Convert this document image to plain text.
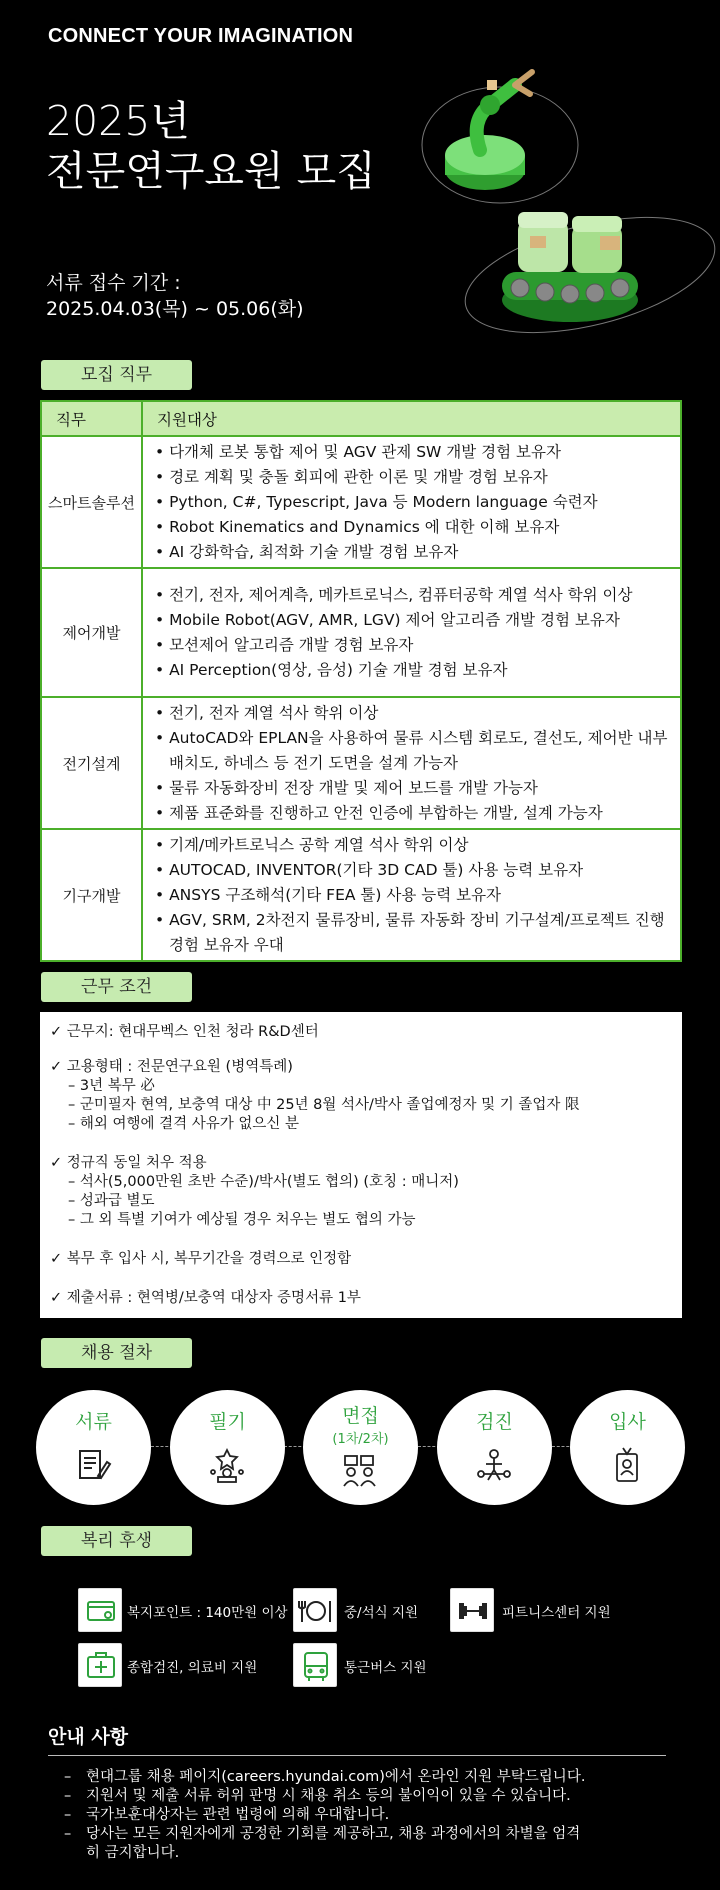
CONNECT YOUR IMAGINATION
2025년
전문연구요원 모집
서류 접수 기간 :
2025.04.03(목) ~ 05.06(화)
모집 직무
직무	지원대상
스마트솔루션	• 다개체 로봇 통합 제어 및 AGV 관제 SW 개발 경험 보유자
• 경로 계획 및 충돌 회피에 관한 이론 및 개발 경험 보유자
• Python, C#, Typescript, Java 등 Modern language 숙련자
• Robot Kinematics and Dynamics 에 대한 이해 보유자
• AI 강화학습, 최적화 기술 개발 경험 보유자

제어개발	• 전기, 전자, 제어계측, 메카트로닉스, 컴퓨터공학 계열 석사 학위 이상
• Mobile Robot(AGV, AMR, LGV) 제어 알고리즘 개발 경험 보유자
• 모션제어 알고리즘 개발 경험 보유자
• AI Perception(영상, 음성) 기술 개발 경험 보유자

전기설계	• 전기, 전자 계열 석사 학위 이상
• AutoCAD와 EPLAN을 사용하여 물류 시스템 회로도, 결선도, 제어반 내부 배치도, 하네스 등 전기 도면을 설계 가능자
• 물류 자동화장비 전장 개발 및 제어 보드를 개발 가능자
• 제품 표준화를 진행하고 안전 인증에 부합하는 개발, 설계 가능자

기구개발	• 기계/메카트로닉스 공학 계열 석사 학위 이상
• AUTOCAD, INVENTOR(기타 3D CAD 툴) 사용 능력 보유자
• ANSYS 구조해석(기타 FEA 툴) 사용 능력 보유자
• AGV, SRM, 2차전지 물류장비, 물류 자동화 장비 기구설계/프로젝트 진행 경험 보유자 우대
근무 조건
✓ 근무지: 현대무벡스 인천 청라 R&D센터
✓ 고용형태 : 전문연구요원 (병역특례)
– 3년 복무 必
– 군미필자 현역, 보충역 대상 中 25년 8월 석사/박사 졸업예정자 및 기 졸업자 限
– 해외 여행에 결격 사유가 없으신 분
✓ 정규직 동일 처우 적용
– 석사(5,000만원 초반 수준)/박사(별도 협의) (호칭 : 매니저)
– 성과급 별도
– 그 외 특별 기여가 예상될 경우 처우는 별도 협의 가능
✓ 복무 후 입사 시, 복무기간을 경력으로 인정함
✓ 제출서류 : 현역병/보충역 대상자 증명서류 1부
채용 절차
서류	필기	면접
(1차/2차)
검진	입사
복리 후생
복지포인트 : 140만원 이상	중/석식 지원	피트니스센터 지원
종합검진, 의료비 지원	통근버스 지원
안내 사항
– 현대그룹 채용 페이지(careers.hyundai.com)에서 온라인 지원 부탁드립니다.
– 지원서 및 제출 서류 허위 판명 시 채용 취소 등의 불이익이 있을 수 있습니다.
– 국가보훈대상자는 관련 법령에 의해 우대합니다.
– 당사는 모든 지원자에게 공정한 기회를 제공하고, 채용 과정에서의 차별을 엄격히 금지합니다.
